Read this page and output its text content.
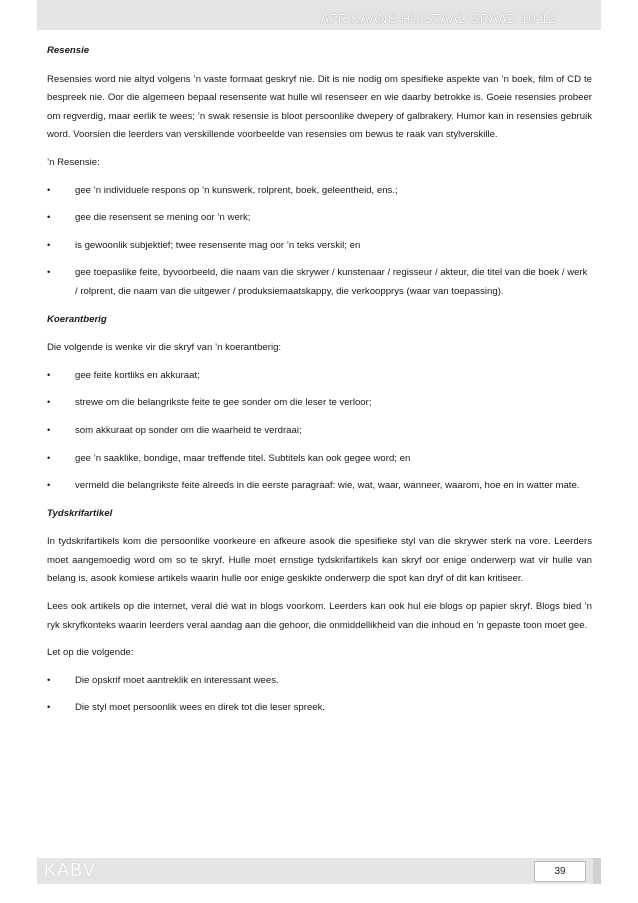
AFRIKAANS HUISTAAL GRAAD 10-12
Resensie

Resensies word nie altyd volgens ’n vaste formaat geskryf nie. Dit is nie nodig om spesifieke aspekte van ’n boek, film of CD te bespreek nie. Oor die algemeen bepaal resensente wat hulle wil resenseer en wie daarby betrokke is. Goeie resensies probeer om regverdig, maar eerlik te wees; ’n swak resensie is bloot persoonlike dwepery of galbrakery. Humor kan in resensies gebruik word. Voorsien die leerders van verskillende voorbeelde van resensies om bewus te raak van stylverskille.

’n Resensie:

•	gee ’n individuele respons op ’n kunswerk, rolprent, boek, geleentheid, ens.;
•	gee die resensent se mening oor ’n werk;
•	is gewoonlik subjektief; twee resensente mag oor ’n teks verskil; en
•	gee toepaslike feite, byvoorbeeld, die naam van die skrywer / kunstenaar / regisseur / akteur, die titel van die boek / werk / rolprent, die naam van die uitgewer / produksiemaatskappy, die verkoopprys (waar van toepassing).
Koerantberig

Die volgende is wenke vir die skryf van ’n koerantberig:

•	gee feite kortliks en akkuraat;
•	strewe om die belangrikste feite te gee sonder om die leser te verloor;
•	som akkuraat op sonder om die waarheid te verdraai;
•	gee ’n saaklike, bondige, maar treffende titel. Subtitels kan ook gegee word; en
•	vermeld die belangrikste feite alreeds in die eerste paragraaf: wie, wat, waar, wanneer, waarom, hoe en in watter mate.
Tydskrifartikel

In tydskrifartikels kom die persoonlike voorkeure en afkeure asook die spesifieke styl van die skrywer sterk na vore. Leerders moet aangemoedig word om so te skryf. Hulle moet ernstige tydskrifartikels kan skryf oor enige onderwerp wat vir hulle van belang is, asook komiese artikels waarin hulle oor enige geskikte onderwerp die spot kan dryf of dit kan kritiseer.

Lees ook artikels op die internet, veral dié wat in blogs voorkom. Leerders kan ook hul eie blogs op papier skryf. Blogs bied ’n ryk skryfkonteks waarin leerders veral aandag aan die gehoor, die onmiddellikheid van die inhoud en ’n gepaste toon moet gee.

Let op die volgende:

•	Die opskrif moet aantreklik en interessant wees.
•	Die styl moet persoonlik wees en direk tot die leser spreek.
KABV	39
